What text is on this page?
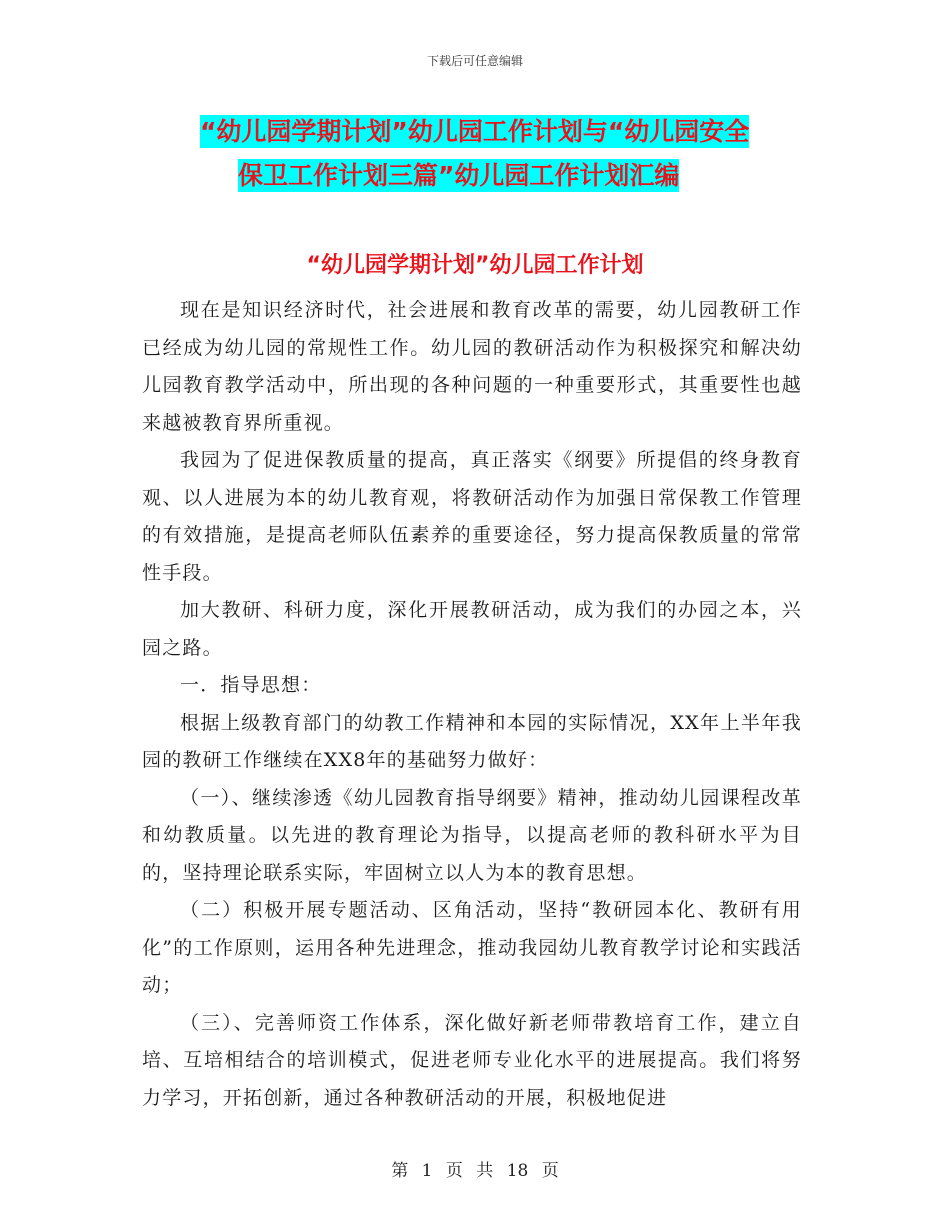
下载后可任意编辑
“幼儿园学期计划”幼儿园工作计划与“幼儿园安全
保卫工作计划三篇”幼儿园工作计划汇编
“幼儿园学期计划”幼儿园工作计划

现在是知识经济时代，社会进展和教育改革的需要，幼儿园教研工作已经成为幼儿园的常规性工作。幼儿园的教研活动作为积极探究和解决幼儿园教育教学活动中，所出现的各种问题的一种重要形式，其重要性也越来越被教育界所重视。

我园为了促进保教质量的提高，真正落实《纲要》所提倡的终身教育观、以人进展为本的幼儿教育观，将教研活动作为加强日常保教工作管理的有效措施，是提高老师队伍素养的重要途径，努力提高保教质量的常常性手段。

加大教研、科研力度，深化开展教研活动，成为我们的办园之本，兴园之路。

一．指导思想：

根据上级教育部门的幼教工作精神和本园的实际情况，XX年上半年我园的教研工作继续在XX8年的基础努力做好：

（一）、继续渗透《幼儿园教育指导纲要》精神，推动幼儿园课程改革和幼教质量。以先进的教育理论为指导，以提高老师的教科研水平为目的，坚持理论联系实际，牢固树立以人为本的教育思想。

（二）积极开展专题活动、区角活动，坚持“教研园本化、教研有用化”的工作原则，运用各种先进理念，推动我园幼儿教育教学讨论和实践活动；

（三）、完善师资工作体系，深化做好新老师带教培育工作，建立自培、互培相结合的培训模式，促进老师专业化水平的进展提高。我们将努力学习，开拓创新，通过各种教研活动的开展，积极地促进

第 1 页 共 18 页
